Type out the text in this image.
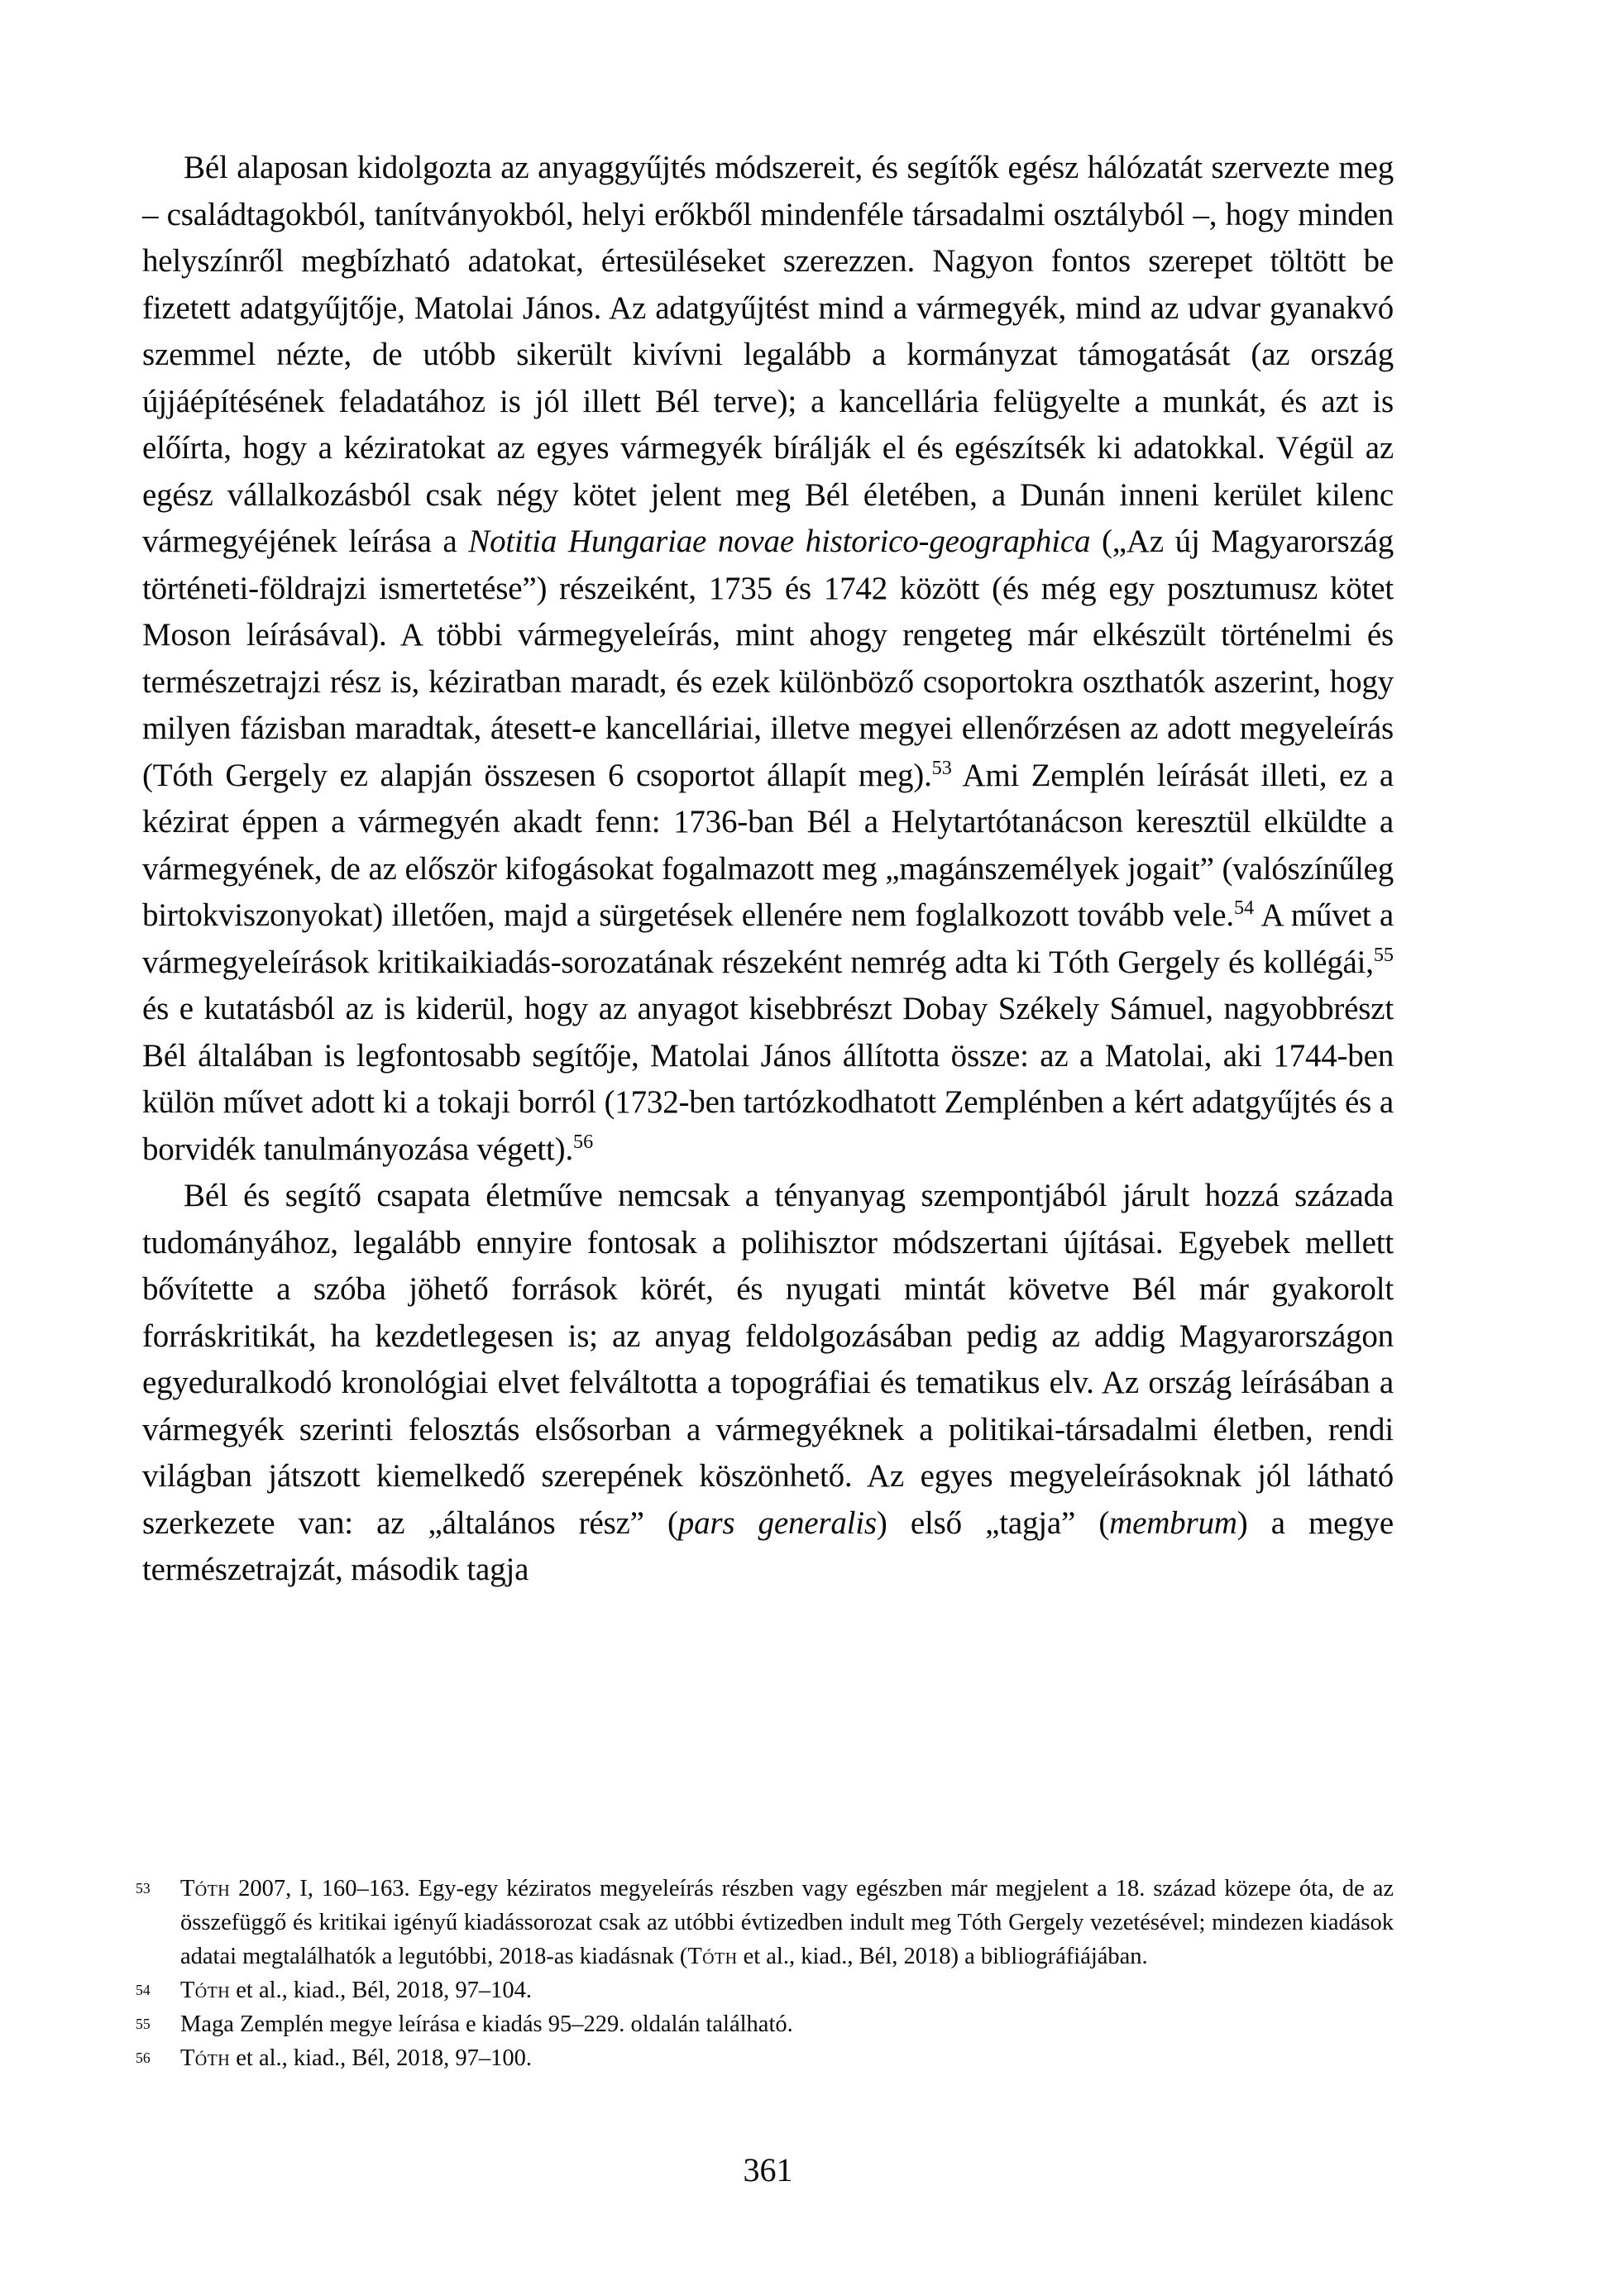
Bél alaposan kidolgozta az anyaggyűjtés módszereit, és segítők egész hálózatát szervezte meg – családtagokból, tanítványokból, helyi erőkből mindenféle társadalmi osztályból –, hogy minden helyszínről megbízható adatokat, értesüléseket szerezzen. Nagyon fontos szerepet töltött be fizetett adatgyűjtője, Matolai János. Az adatgyűjtést mind a vármegyék, mind az udvar gyanakvó szemmel nézte, de utóbb sikerült kivívni legalább a kormányzat támogatását (az ország újjáépítésének feladatához is jól illett Bél terve); a kancellária felügyelte a munkát, és azt is előírta, hogy a kéziratokat az egyes vármegyék bírálják el és egészítsék ki adatokkal. Végül az egész vállalkozásból csak négy kötet jelent meg Bél életében, a Dunán inneni kerület kilenc vármegyéjének leírása a Notitia Hungariae novae historico-geographica („Az új Magyarország történeti-földrajzi ismertetése”) részeiként, 1735 és 1742 között (és még egy posztumusz kötet Moson leírásával). A többi vármegyeleírás, mint ahogy rengeteg már elkészült történelmi és természetrajzi rész is, kéziratban maradt, és ezek különböző csoportokra oszthatók aszerint, hogy milyen fázisban maradtak, átesett-e kancelláriai, illetve megyei ellenőrzésen az adott megyeleírás (Tóth Gergely ez alapján összesen 6 csoportot állapít meg).$^{53}$ Ami Zemplén leírását illeti, ez a kézirat éppen a vármegyén akadt fenn: 1736-ban Bél a Helytartótanácson keresztül elküldte a vármegyének, de az először kifogásokat fogalmazott meg „magánszemélyek jogait” (valószínűleg birtokviszonyokat) illetően, majd a sürgetések ellenére nem foglalkozott tovább vele.$^{54}$ A művet a vármegyeleírások kritikaikiadás-sorozatának részeként nemrég adta ki Tóth Gergely és kollégái,$^{55}$ és e kutatásból az is kiderül, hogy az anyagot kisebbrészt Dobay Székely Sámuel, nagyobbrészt Bél általában is legfontosabb segítője, Matolai János állította össze: az a Matolai, aki 1744-ben külön művet adott ki a tokaji borról (1732-ben tartózkodhatott Zemplénben a kért adatgyűjtés és a borvidék tanulmányozása végett).$^{56}$

Bél és segítő csapata életműve nemcsak a tényanyag szempontjából járult hozzá százada tudományához, legalább ennyire fontosak a polihisztor módszertani újításai. Egyebek mellett bővítette a szóba jöhető források körét, és nyugati mintát követve Bél már gyakorolt forráskritikát, ha kezdetlegesen is; az anyag feldolgozásában pedig az addig Magyarországon egyeduralkodó kronológiai elvet felváltotta a topográfiai és tematikus elv. Az ország leírásában a vármegyék szerinti felosztás elsősorban a vármegyéknek a politikai-társadalmi életben, rendi világban játszott kiemelkedő szerepének köszönhető. Az egyes megyeleírásoknak jól látható szerkezete van: az „általános rész” (pars generalis) első „tagja” (membrum) a megye természetrajzát, második tagja

53 Tóth 2007, I, 160–163. Egy-egy kéziratos megyeleírás részben vagy egészben már megjelent a 18. század közepe óta, de az összefüggő és kritikai igényű kiadássorozat csak az utóbbi évtizedben indult meg Tóth Gergely vezetésével; mindezen kiadások adatai megtalálhatók a legutóbbi, 2018-as kiadásnak (Tóth et al., kiad., Bél, 2018) a bibliográfiájában.
54 Tóth et al., kiad., Bél, 2018, 97–104.
55 Maga Zemplén megye leírása e kiadás 95–229. oldalán található.
56 Tóth et al., kiad., Bél, 2018, 97–100.
361
